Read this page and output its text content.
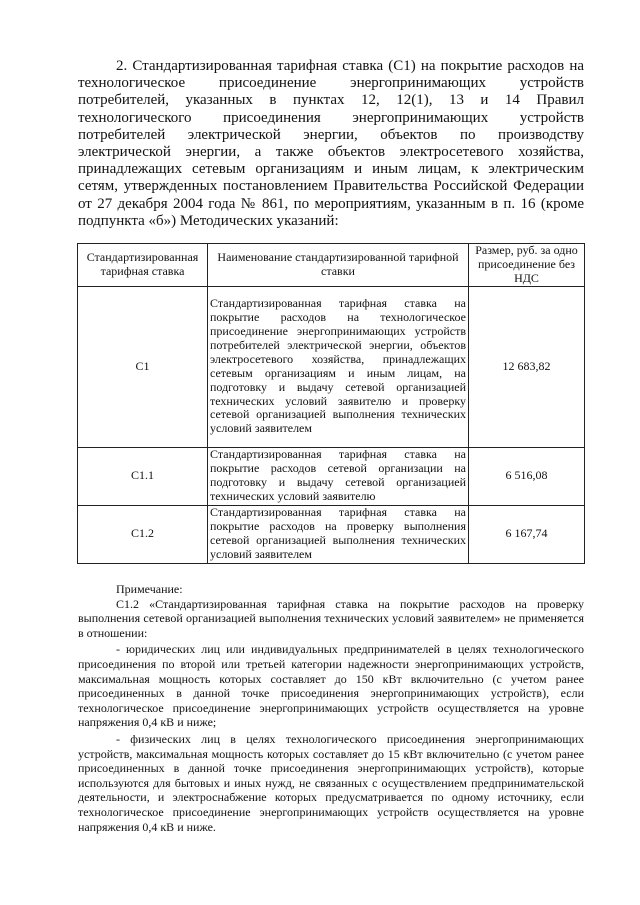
2. Стандартизированная тарифная ставка (C1) на покрытие расходов на технологическое присоединение энергопринимающих устройств потребителей, указанных в пунктах 12, 12(1), 13 и 14 Правил технологического присоединения энергопринимающих устройств потребителей электрической энергии, объектов по производству электрической энергии, а также объектов электросетевого хозяйства, принадлежащих сетевым организациям и иным лицам, к электрическим сетям, утвержденных постановлением Правительства Российской Федерации от 27 декабря 2004 года № 861, по мероприятиям, указанным в п. 16 (кроме подпункта «б») Методических указаний:

Стандартизированная тарифная ставка	Наименование стандартизированной тарифной ставки	Размер, руб. за одно присоединение без НДС
C1	Стандартизированная тарифная ставка на покрытие расходов на технологическое присоединение энергопринимающих устройств потребителей электрической энергии, объектов электросетевого хозяйства, принадлежащих сетевым организациям и иным лицам, на подготовку и выдачу сетевой организацией технических условий заявителю и проверку сетевой организацией выполнения технических условий заявителем	12 683,82
C1.1	Стандартизированная тарифная ставка на покрытие расходов сетевой организации на подготовку и выдачу сетевой организацией технических условий заявителю	6 516,08
C1.2	Стандартизированная тарифная ставка на покрытие расходов на проверку выполнения сетевой организацией выполнения технических условий заявителем	6 167,74

Примечание:

C1.2 «Стандартизированная тарифная ставка на покрытие расходов на проверку выполнения сетевой организацией выполнения технических условий заявителем» не применяется в отношении:

- юридических лиц или индивидуальных предпринимателей в целях технологического присоединения по второй или третьей категории надежности энергопринимающих устройств, максимальная мощность которых составляет до 150 кВт включительно (с учетом ранее присоединенных в данной точке присоединения энергопринимающих устройств), если технологическое присоединение энергопринимающих устройств осуществляется на уровне напряжения 0,4 кВ и ниже;

- физических лиц в целях технологического присоединения энергопринимающих устройств, максимальная мощность которых составляет до 15 кВт включительно (с учетом ранее присоединенных в данной точке присоединения энергопринимающих устройств), которые используются для бытовых и иных нужд, не связанных с осуществлением предпринимательской деятельности, и электроснабжение которых предусматривается по одному источнику, если технологическое присоединение энергопринимающих устройств осуществляется на уровне напряжения 0,4 кВ и ниже.
